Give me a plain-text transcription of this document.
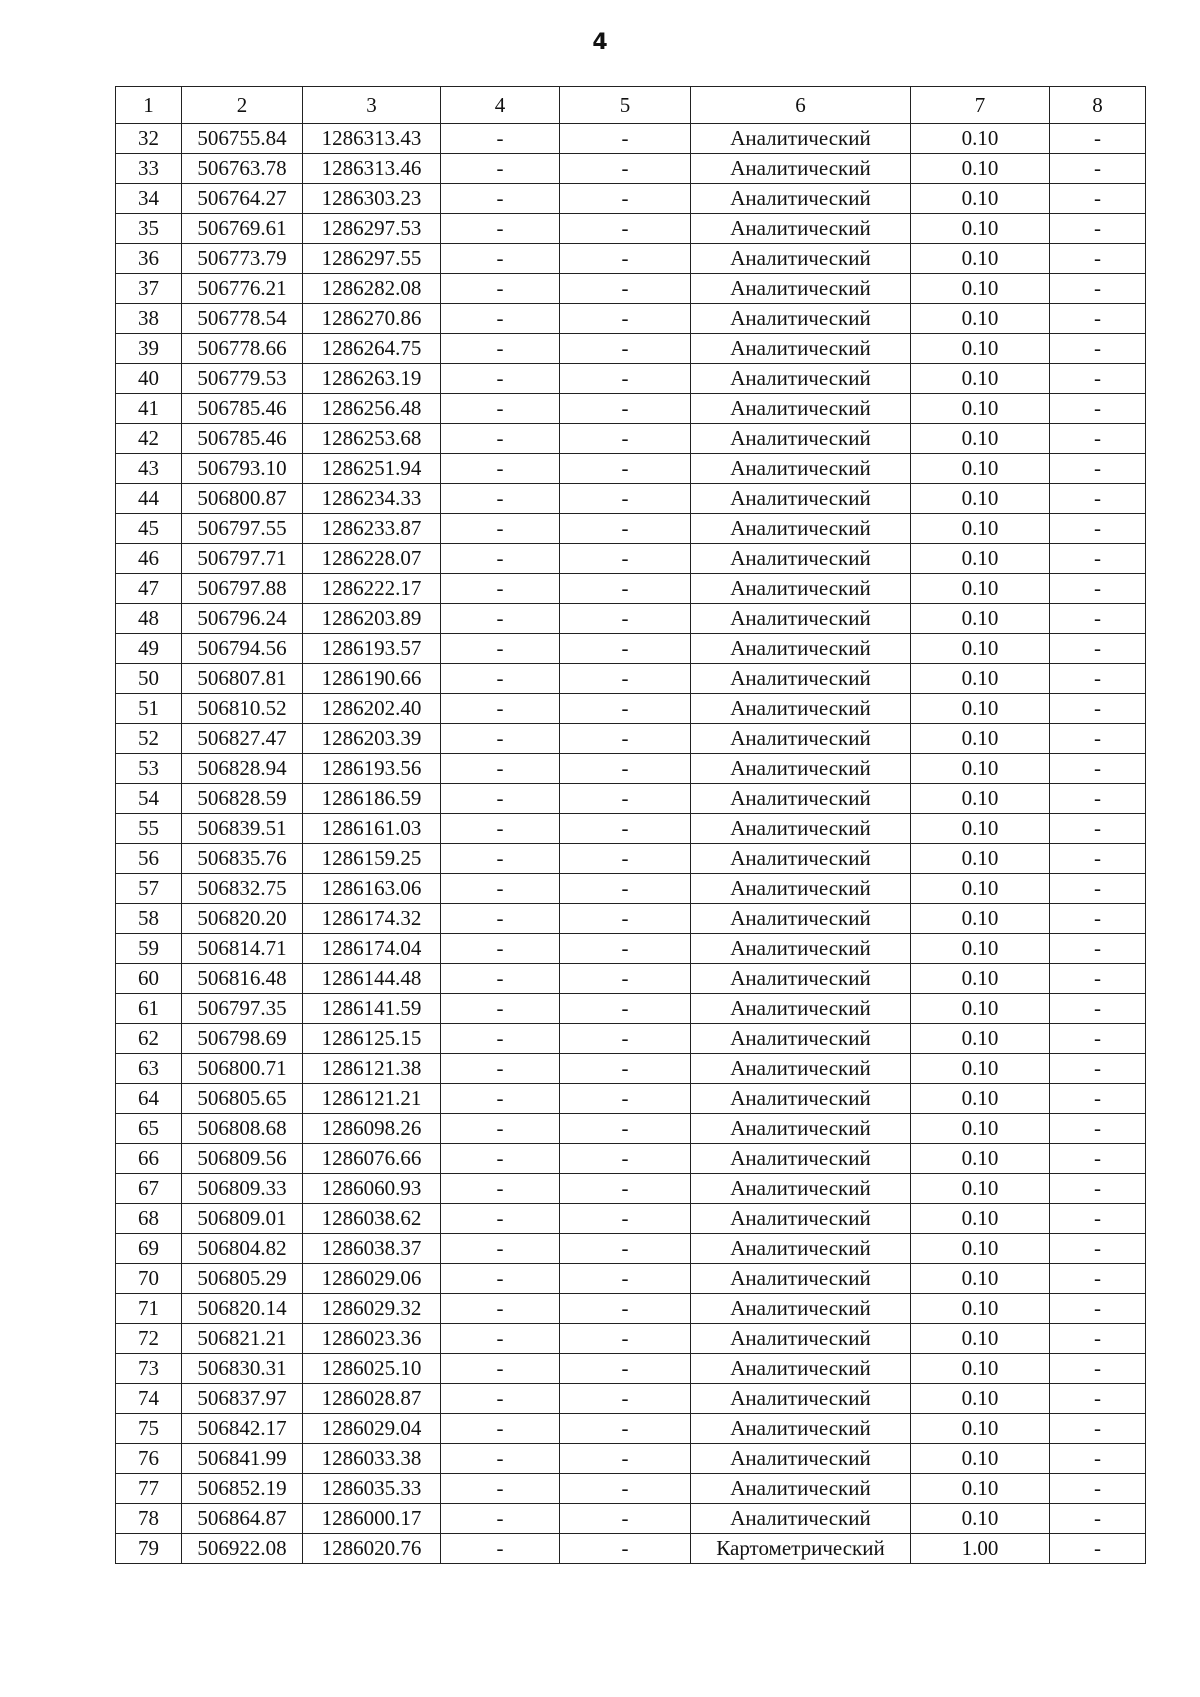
4
1	2	3	4	5	6	7	8
32	506755.84	1286313.43	-	-	Аналитический	0.10	-
33	506763.78	1286313.46	-	-	Аналитический	0.10	-
34	506764.27	1286303.23	-	-	Аналитический	0.10	-
35	506769.61	1286297.53	-	-	Аналитический	0.10	-
36	506773.79	1286297.55	-	-	Аналитический	0.10	-
37	506776.21	1286282.08	-	-	Аналитический	0.10	-
38	506778.54	1286270.86	-	-	Аналитический	0.10	-
39	506778.66	1286264.75	-	-	Аналитический	0.10	-
40	506779.53	1286263.19	-	-	Аналитический	0.10	-
41	506785.46	1286256.48	-	-	Аналитический	0.10	-
42	506785.46	1286253.68	-	-	Аналитический	0.10	-
43	506793.10	1286251.94	-	-	Аналитический	0.10	-
44	506800.87	1286234.33	-	-	Аналитический	0.10	-
45	506797.55	1286233.87	-	-	Аналитический	0.10	-
46	506797.71	1286228.07	-	-	Аналитический	0.10	-
47	506797.88	1286222.17	-	-	Аналитический	0.10	-
48	506796.24	1286203.89	-	-	Аналитический	0.10	-
49	506794.56	1286193.57	-	-	Аналитический	0.10	-
50	506807.81	1286190.66	-	-	Аналитический	0.10	-
51	506810.52	1286202.40	-	-	Аналитический	0.10	-
52	506827.47	1286203.39	-	-	Аналитический	0.10	-
53	506828.94	1286193.56	-	-	Аналитический	0.10	-
54	506828.59	1286186.59	-	-	Аналитический	0.10	-
55	506839.51	1286161.03	-	-	Аналитический	0.10	-
56	506835.76	1286159.25	-	-	Аналитический	0.10	-
57	506832.75	1286163.06	-	-	Аналитический	0.10	-
58	506820.20	1286174.32	-	-	Аналитический	0.10	-
59	506814.71	1286174.04	-	-	Аналитический	0.10	-
60	506816.48	1286144.48	-	-	Аналитический	0.10	-
61	506797.35	1286141.59	-	-	Аналитический	0.10	-
62	506798.69	1286125.15	-	-	Аналитический	0.10	-
63	506800.71	1286121.38	-	-	Аналитический	0.10	-
64	506805.65	1286121.21	-	-	Аналитический	0.10	-
65	506808.68	1286098.26	-	-	Аналитический	0.10	-
66	506809.56	1286076.66	-	-	Аналитический	0.10	-
67	506809.33	1286060.93	-	-	Аналитический	0.10	-
68	506809.01	1286038.62	-	-	Аналитический	0.10	-
69	506804.82	1286038.37	-	-	Аналитический	0.10	-
70	506805.29	1286029.06	-	-	Аналитический	0.10	-
71	506820.14	1286029.32	-	-	Аналитический	0.10	-
72	506821.21	1286023.36	-	-	Аналитический	0.10	-
73	506830.31	1286025.10	-	-	Аналитический	0.10	-
74	506837.97	1286028.87	-	-	Аналитический	0.10	-
75	506842.17	1286029.04	-	-	Аналитический	0.10	-
76	506841.99	1286033.38	-	-	Аналитический	0.10	-
77	506852.19	1286035.33	-	-	Аналитический	0.10	-
78	506864.87	1286000.17	-	-	Аналитический	0.10	-
79	506922.08	1286020.76	-	-	Картометрический	1.00	-
